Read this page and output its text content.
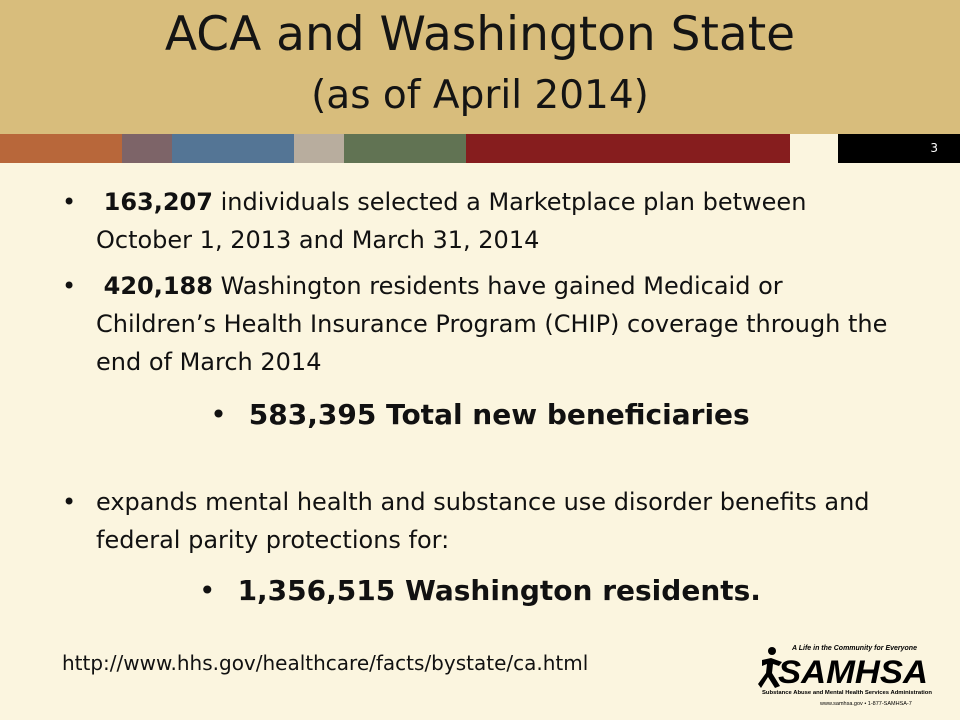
ACA and Washington State
(as of April 2014)
3
•	163,207 individuals selected a Marketplace plan between October 1, 2013 and March 31, 2014
•	420,188 Washington residents have gained Medicaid or Children’s Health Insurance Program (CHIP) coverage through the end of March 2014
• 583,395 Total new beneficiaries
• expands mental health and substance use disorder benefits and federal parity protections for:
• 1,356,515 Washington residents.
http://www.hhs.gov/healthcare/facts/bystate/ca.html
A Life in the Community for Everyone
SAMHSA
Substance Abuse and Mental Health Services Administration
www.samhsa.gov • 1-877-SAMHSA-7
